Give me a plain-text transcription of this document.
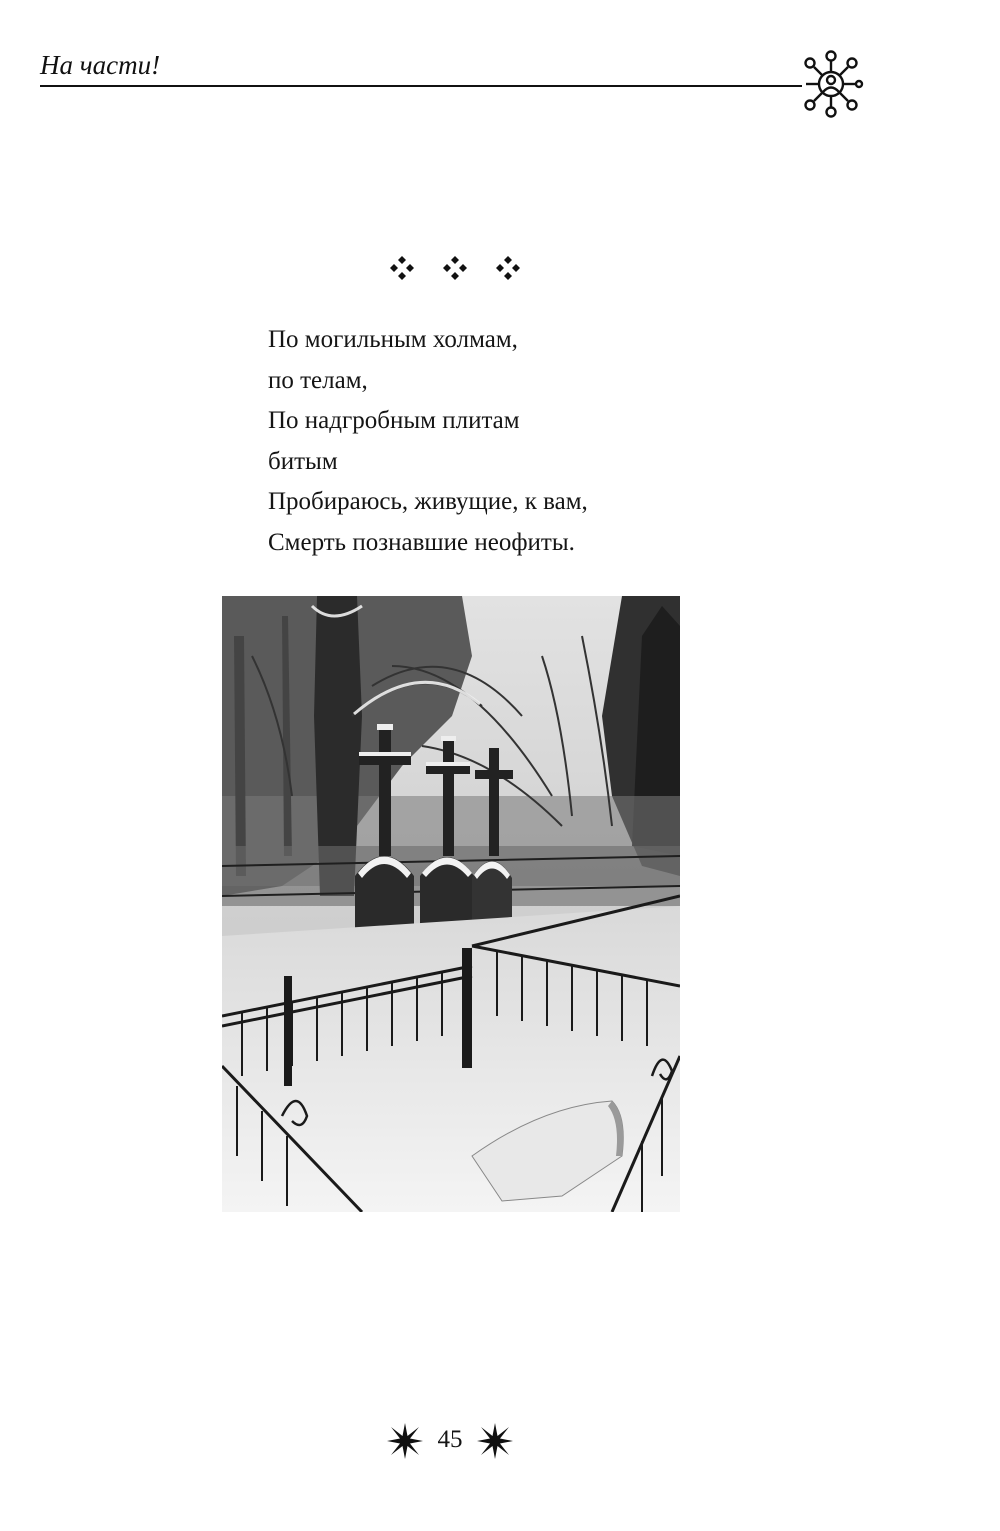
На части!
По могильным холмам,
по телам,
По надгробным плитам
битым
Пробираюсь, живущие, к вам,
Смерть познавшие неофиты.
45
